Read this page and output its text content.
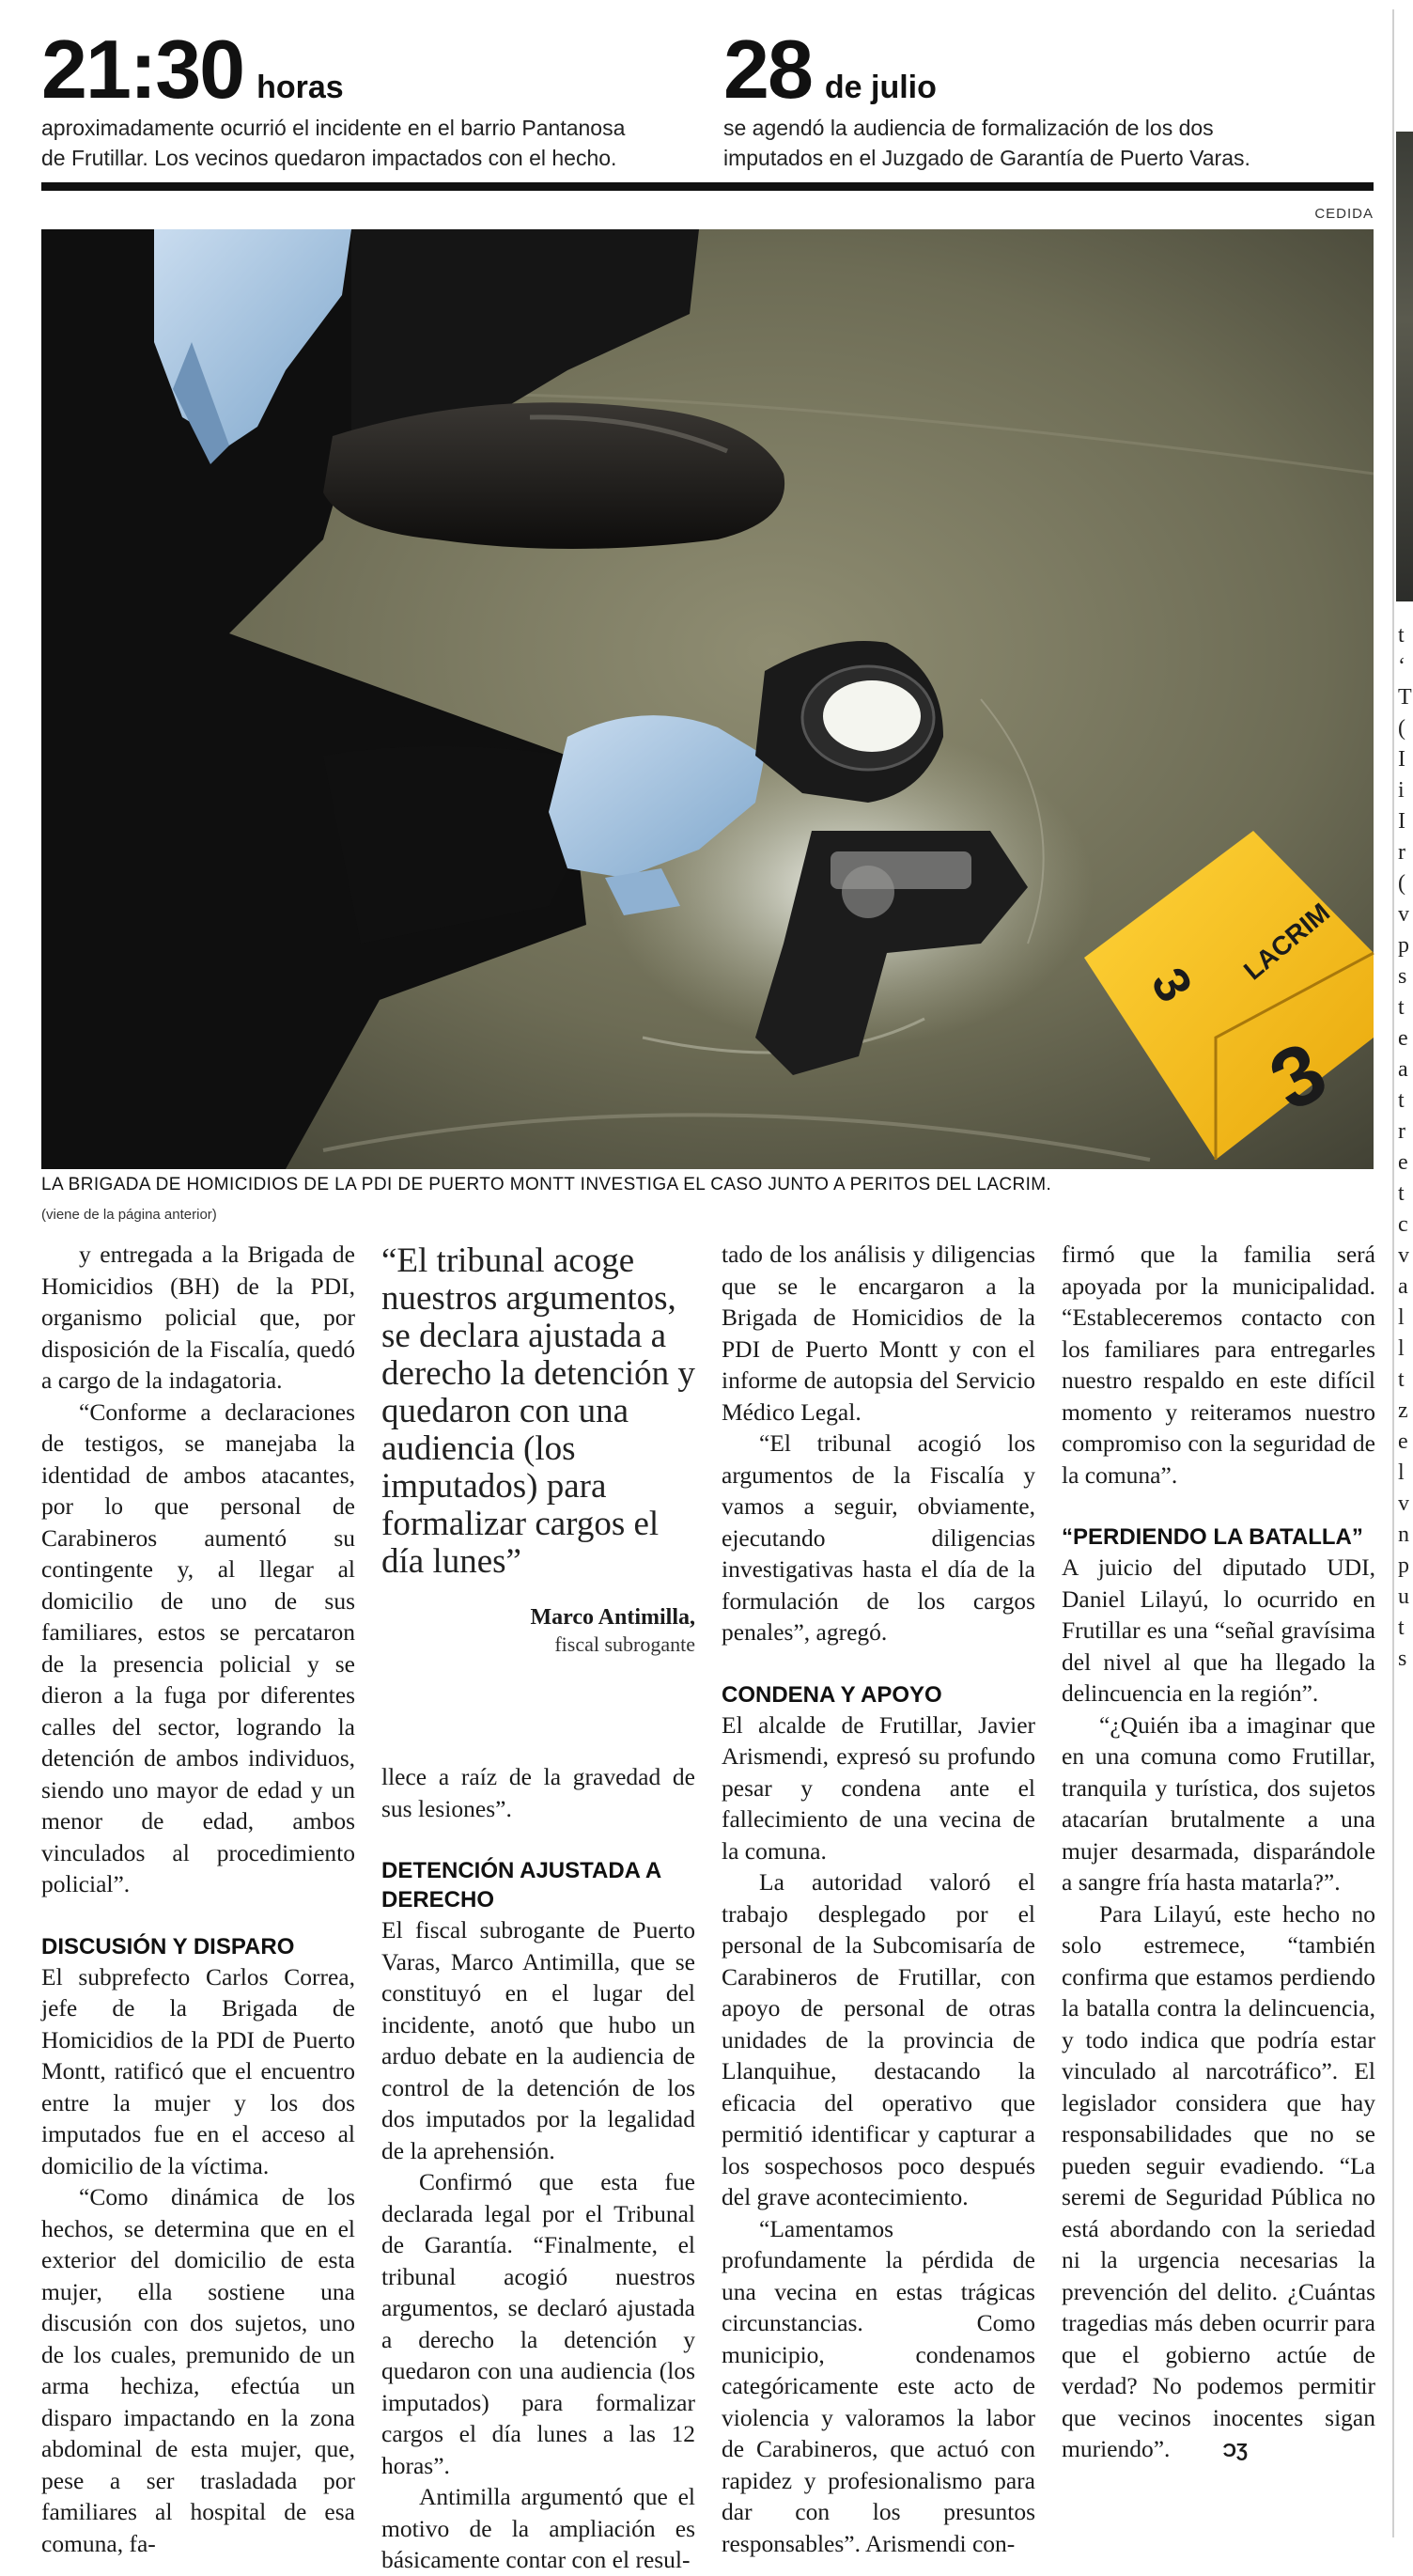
21:30 horas
aproximadamente ocurrió el incidente en el barrio Pantanosa
de Frutillar. Los vecinos quedaron impactados con el hecho.
28 de julio
se agendó la audiencia de formalización de los dos
imputados en el Juzgado de Garantía de Puerto Varas.
CEDIDA
3
LACRIM
3
LA BRIGADA DE HOMICIDIOS DE LA PDI DE PUERTO MONTT INVESTIGA EL CASO JUNTO A PERITOS DEL LACRIM.
(viene de la página anterior)

y entregada a la Brigada de Homicidios (BH) de la PDI, organismo policial que, por disposición de la Fiscalía, quedó a cargo de la indagatoria.

“Conforme a declaraciones de testigos, se manejaba la identidad de ambos atacantes, por lo que personal de Carabineros aumentó su contingente y, al llegar al domicilio de uno de sus familiares, estos se percataron de la presencia policial y se dieron a la fuga por diferentes calles del sector, logrando la detención de ambos individuos, siendo uno mayor de edad y un menor de edad, ambos vinculados al procedimiento policial”.

DISCUSIÓN Y DISPARO

El subprefecto Carlos Correa, jefe de la Brigada de Homicidios de la PDI de Puerto Montt, ratificó que el encuentro entre la mujer y los dos imputados fue en el acceso al domicilio de la víctima.

“Como dinámica de los hechos, se determina que en el exterior del domicilio de esta mujer, ella sostiene una discusión con dos sujetos, uno de los cuales, premunido de un arma hechiza, efectúa un disparo impactando en la zona abdominal de esta mujer, que, pese a ser trasladada por familiares al hospital de esa comuna, fa-

“El tribunal acoge nuestros argumentos, se declara ajustada a derecho la detención y quedaron con una audiencia (los imputados) para formalizar cargos el día lunes”
Marco Antimilla,
fiscal subrogante

llece a raíz de la gravedad de sus lesiones”.

DETENCIÓN AJUSTADA A DERECHO

El fiscal subrogante de Puerto Varas, Marco Antimilla, que se constituyó en el lugar del incidente, anotó que hubo un arduo debate en la audiencia de control de la detención de los dos imputados por la legalidad de la aprehensión.

Confirmó que esta fue declarada legal por el Tribunal de Garantía. “Finalmente, el tribunal acogió nuestros argumentos, se declaró ajustada a derecho la detención y quedaron con una audiencia (los imputados) para formalizar cargos el día lunes a las 12 horas”.

Antimilla argumentó que el motivo de la ampliación es básicamente contar con el resul-

tado de los análisis y diligencias que se le encargaron a la Brigada de Homicidios de la PDI de Puerto Montt y con el informe de autopsia del Servicio Médico Legal.

“El tribunal acogió los argumentos de la Fiscalía y vamos a seguir, obviamente, ejecutando diligencias investigativas hasta el día de la formulación de los cargos penales”, agregó.

CONDENA Y APOYO

El alcalde de Frutillar, Javier Arismendi, expresó su profundo pesar y condena ante el fallecimiento de una vecina de la comuna.

La autoridad valoró el trabajo desplegado por el personal de la Subcomisaría de Carabineros de Frutillar, con apoyo de personal de otras unidades de la provincia de Llanquihue, destacando la eficacia del operativo que permitió identificar y capturar a los sospechosos poco después del grave acontecimiento.

“Lamentamos profundamente la pérdida de una vecina en estas trágicas circunstancias. Como municipio, condenamos categóricamente este acto de violencia y valoramos la labor de Carabineros, que actuó con rapidez y profesionalismo para dar con los presuntos responsables”. Arismendi con-

firmó que la familia será apoyada por la municipalidad. “Estableceremos contacto con los familiares para entregarles nuestro respaldo en este difícil momento y reiteramos nuestro compromiso con la seguridad de la comuna”.

“PERDIENDO LA BATALLA”

A juicio del diputado UDI, Daniel Lilayú, lo ocurrido en Frutillar es una “señal gravísima del nivel al que ha llegado la delincuencia en la región”.

“¿Quién iba a imaginar que en una comuna como Frutillar, tranquila y turística, dos sujetos atacarían brutalmente a una mujer desarmada, disparándole a sangre fría hasta matarla?”.

Para Lilayú, este hecho no solo estremece, “también confirma que estamos perdiendo la batalla contra la delincuencia, y todo indica que podría estar vinculado al narcotráfico”. El legislador considera que hay responsabilidades que no se pueden seguir evadiendo. “La seremi de Seguridad Pública no está abordando con la seriedad ni la urgencia necesarias la prevención del delito. ¿Cuántas tragedias más deben ocurrir para que el gobierno actúe de verdad? No podemos permitir que vecinos inocentes sigan muriendo”.	ƆƷ

t
‘
T
(
I
i
I
r
(
v
p
s
t
e
a
t
r
e
t
c
v
a
l
l
t
z
e
l
v
n
p
u
t
s
